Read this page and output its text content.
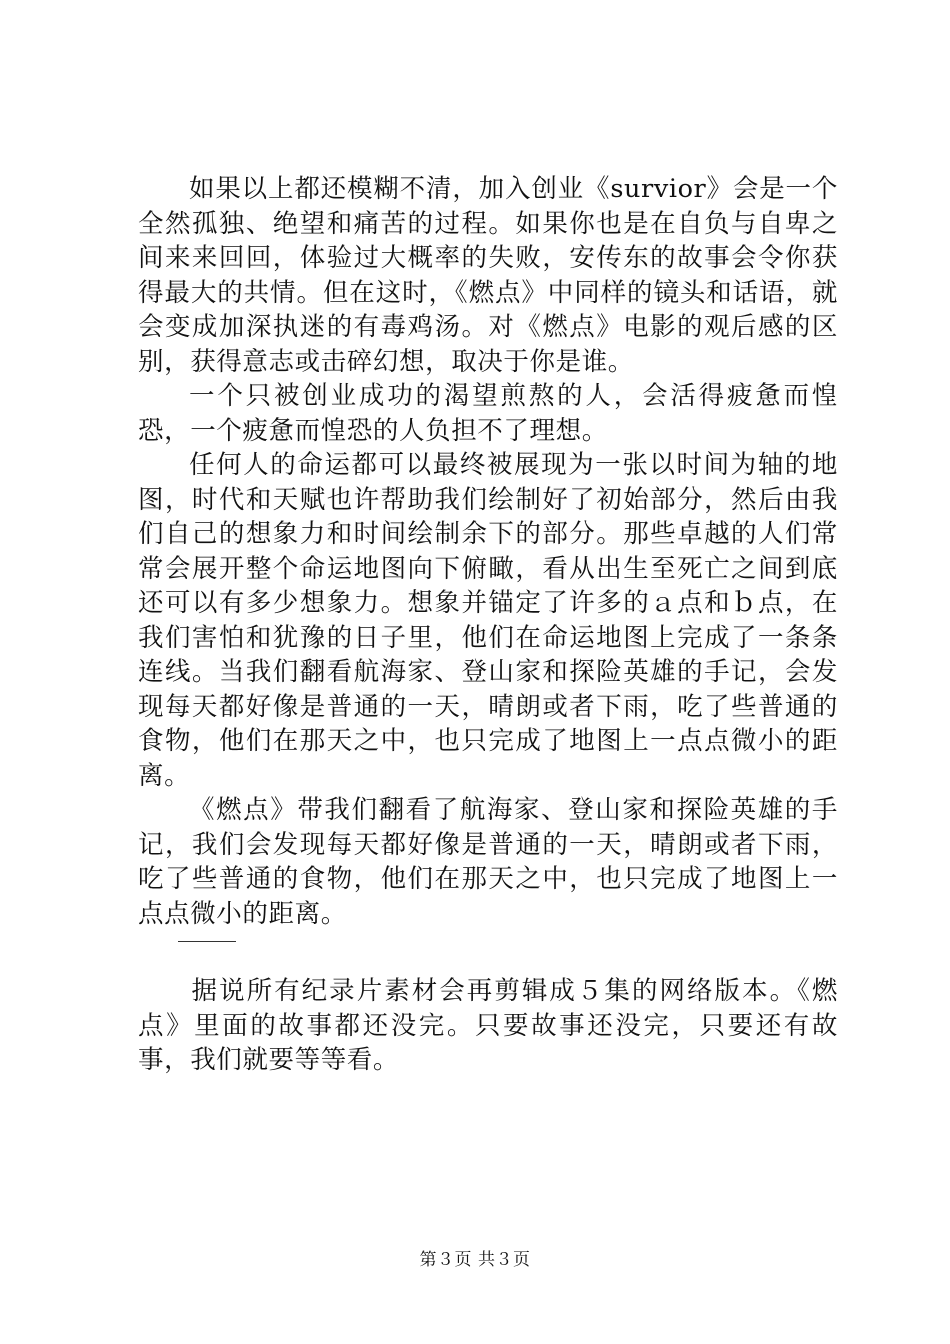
如果以上都还模糊不清，加入创业《survior》会是一个全然孤独、绝望和痛苦的过程。如果你也是在自负与自卑之间来来回回，体验过大概率的失败，安传东的故事会令你获得最大的共情。但在这时，《燃点》中同样的镜头和话语，就会变成加深执迷的有毒鸡汤。对《燃点》电影的观后感的区别，获得意志或击碎幻想，取决于你是谁。

一个只被创业成功的渴望煎熬的人，会活得疲惫而惶恐，一个疲惫而惶恐的人负担不了理想。

任何人的命运都可以最终被展现为一张以时间为轴的地图，时代和天赋也许帮助我们绘制好了初始部分，然后由我们自己的想象力和时间绘制余下的部分。那些卓越的人们常常会展开整个命运地图向下俯瞰，看从出生至死亡之间到底还可以有多少想象力。想象并锚定了许多的ａ点和ｂ点，在我们害怕和犹豫的日子里，他们在命运地图上完成了一条条连线。当我们翻看航海家、登山家和探险英雄的手记，会发现每天都好像是普通的一天，晴朗或者下雨，吃了些普通的食物，他们在那天之中，也只完成了地图上一点点微小的距离。

《燃点》带我们翻看了航海家、登山家和探险英雄的手记，我们会发现每天都好像是普通的一天，晴朗或者下雨，吃了些普通的食物，他们在那天之中，也只完成了地图上一点点微小的距离。

据说所有纪录片素材会再剪辑成５集的网络版本。《燃点》里面的故事都还没完。只要故事还没完，只要还有故事，我们就要等等看。

第３页 共３页
